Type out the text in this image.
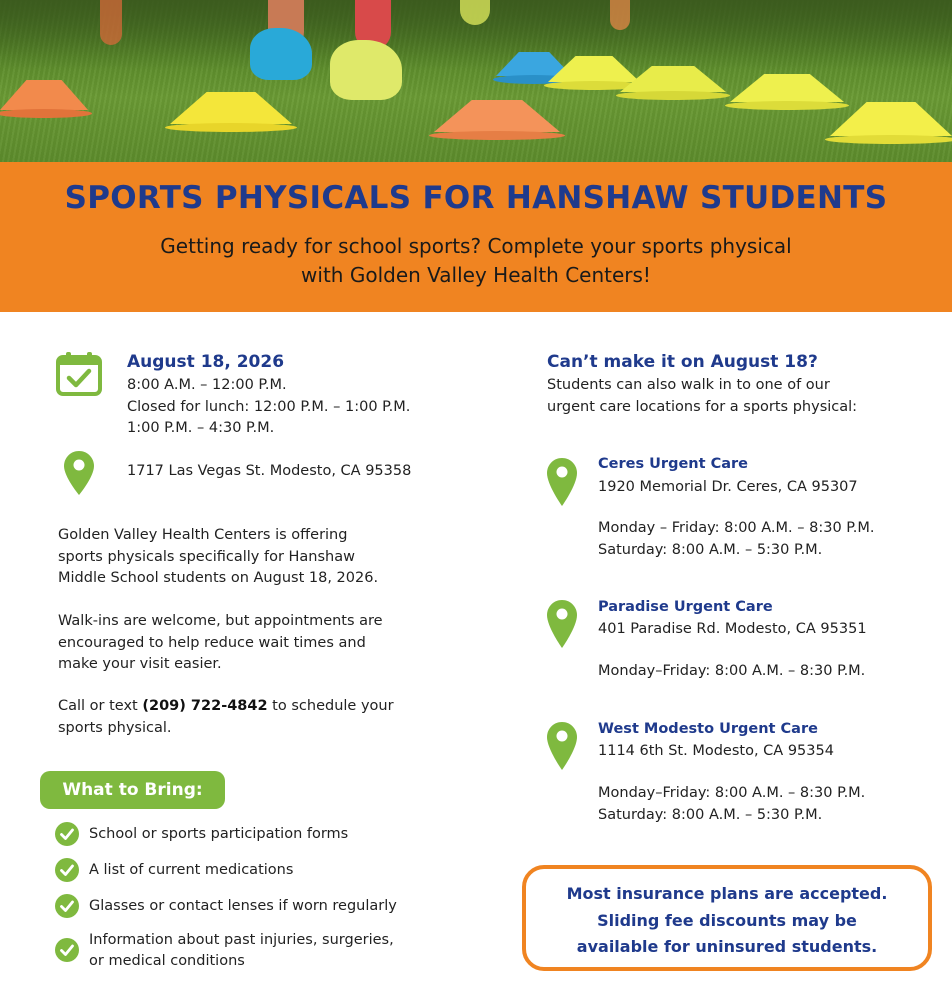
SPORTS PHYSICALS FOR HANSHAW STUDENTS
Getting ready for school sports? Complete your sports physical
with Golden Valley Health Centers!
August 18, 2026
8:00 A.M. – 12:00 P.M.
Closed for lunch: 12:00 P.M. – 1:00 P.M.
1:00 P.M. – 4:30 P.M.
1717 Las Vegas St. Modesto, CA 95358
Golden Valley Health Centers is offering
sports physicals specifically for Hanshaw
Middle School students on August 18, 2026.
Walk-ins are welcome, but appointments are
encouraged to help reduce wait times and
make your visit easier.
Call or text (209) 722-4842 to schedule your
sports physical.
What to Bring:
School or sports participation forms
A list of current medications
Glasses or contact lenses if worn regularly
Information about past injuries, surgeries,
or medical conditions
Can’t make it on August 18?
Students can also walk in to one of our
urgent care locations for a sports physical:
Ceres Urgent Care
1920 Memorial Dr. Ceres, CA 95307
Monday – Friday: 8:00 A.M. – 8:30 P.M.
Saturday: 8:00 A.M. – 5:30 P.M.
Paradise Urgent Care
401 Paradise Rd. Modesto, CA 95351
Monday–Friday: 8:00 A.M. – 8:30 P.M.
West Modesto Urgent Care
1114 6th St. Modesto, CA 95354
Monday–Friday: 8:00 A.M. – 8:30 P.M.
Saturday: 8:00 A.M. – 5:30 P.M.
Most insurance plans are accepted.
Sliding fee discounts may be
available for uninsured students.
